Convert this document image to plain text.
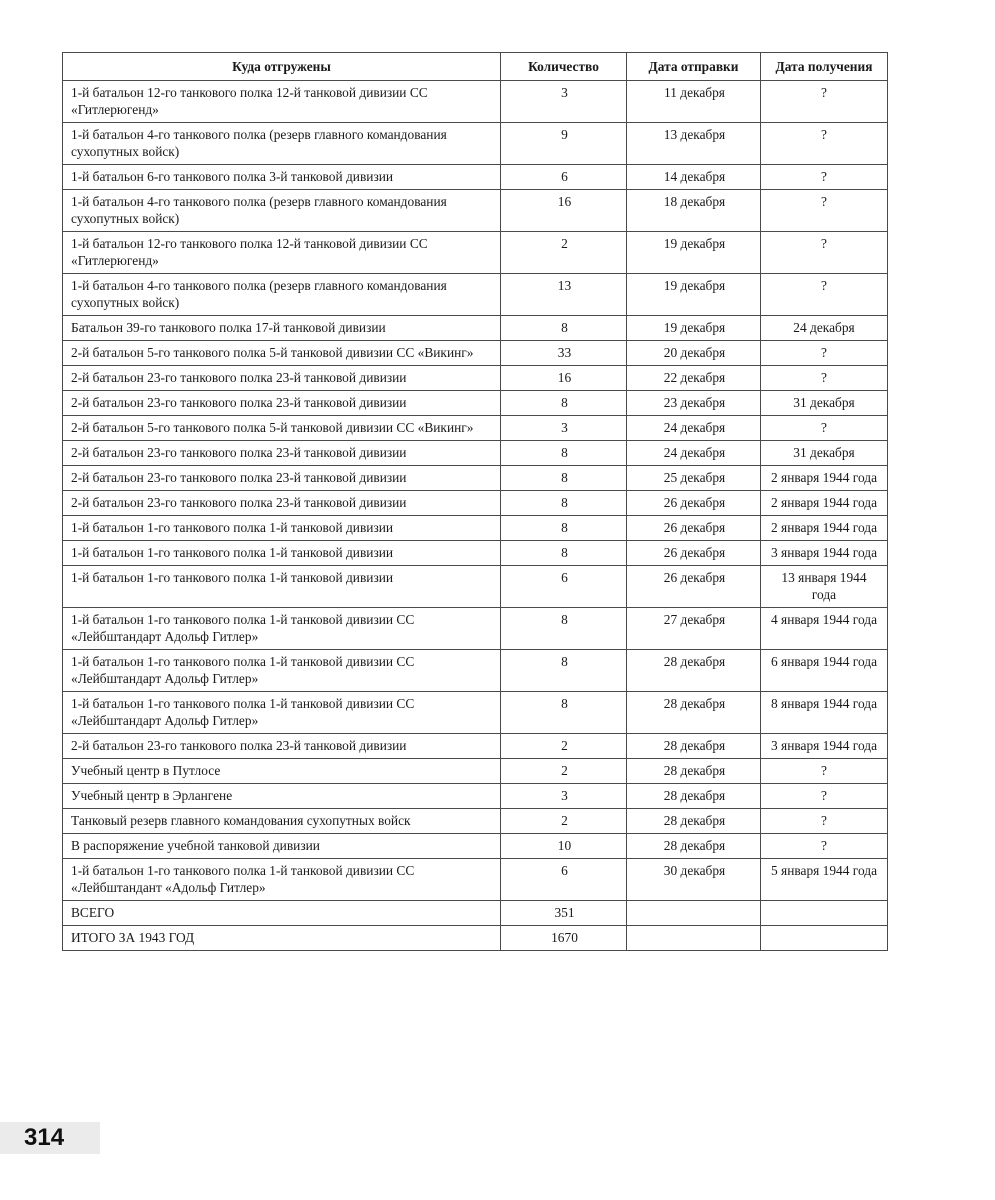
Куда отгружены	Количество	Дата отправки	Дата получения
1-й батальон 12-го танкового полка 12-й танковой дивизии СС «Гитлерюгенд»	3	11 декабря	?
1-й батальон 4-го танкового полка (резерв главного командования сухопутных войск)	9	13 декабря	?
1-й батальон 6-го танкового полка 3-й танковой дивизии	6	14 декабря	?
1-й батальон 4-го танкового полка (резерв главного командования сухопутных войск)	16	18 декабря	?
1-й батальон 12-го танкового полка 12-й танковой дивизии СС «Гитлерюгенд»	2	19 декабря	?
1-й батальон 4-го танкового полка (резерв главного командования сухопутных войск)	13	19 декабря	?
Батальон 39-го танкового полка 17-й танковой дивизии	8	19 декабря	24 декабря
2-й батальон 5-го танкового полка 5-й танковой дивизии СС «Викинг»	33	20 декабря	?
2-й батальон 23-го танкового полка 23-й танковой дивизии	16	22 декабря	?
2-й батальон 23-го танкового полка 23-й танковой дивизии	8	23 декабря	31 декабря
2-й батальон 5-го танкового полка 5-й танковой дивизии СС «Викинг»	3	24 декабря	?
2-й батальон 23-го танкового полка 23-й танковой дивизии	8	24 декабря	31 декабря
2-й батальон 23-го танкового полка 23-й танковой дивизии	8	25 декабря	2 января 1944 года
2-й батальон 23-го танкового полка 23-й танковой дивизии	8	26 декабря	2 января 1944 года
1-й батальон 1-го танкового полка 1-й танковой дивизии	8	26 декабря	2 января 1944 года
1-й батальон 1-го танкового полка 1-й танковой дивизии	8	26 декабря	3 января 1944 года
1-й батальон 1-го танкового полка 1-й танковой дивизии	6	26 декабря	13 января 1944 года
1-й батальон 1-го танкового полка 1-й танковой дивизии СС «Лейбштандарт Адольф Гитлер»	8	27 декабря	4 января 1944 года
1-й батальон 1-го танкового полка 1-й танковой дивизии СС «Лейбштандарт Адольф Гитлер»	8	28 декабря	6 января 1944 года
1-й батальон 1-го танкового полка 1-й танковой дивизии СС «Лейбштандарт Адольф Гитлер»	8	28 декабря	8 января 1944 года
2-й батальон 23-го танкового полка 23-й танковой дивизии	2	28 декабря	3 января 1944 года
Учебный центр в Путлосе	2	28 декабря	?
Учебный центр в Эрлангене	3	28 декабря	?
Танковый резерв главного командования сухопутных войск	2	28 декабря	?
В распоряжение учебной танковой дивизии	10	28 декабря	?
1-й батальон 1-го танкового полка 1-й танковой дивизии СС «Лейбштандант «Адольф Гитлер»	6	30 декабря	5 января 1944 года
ВСЕГО	351		
ИТОГО ЗА 1943 ГОД	1670		
314
